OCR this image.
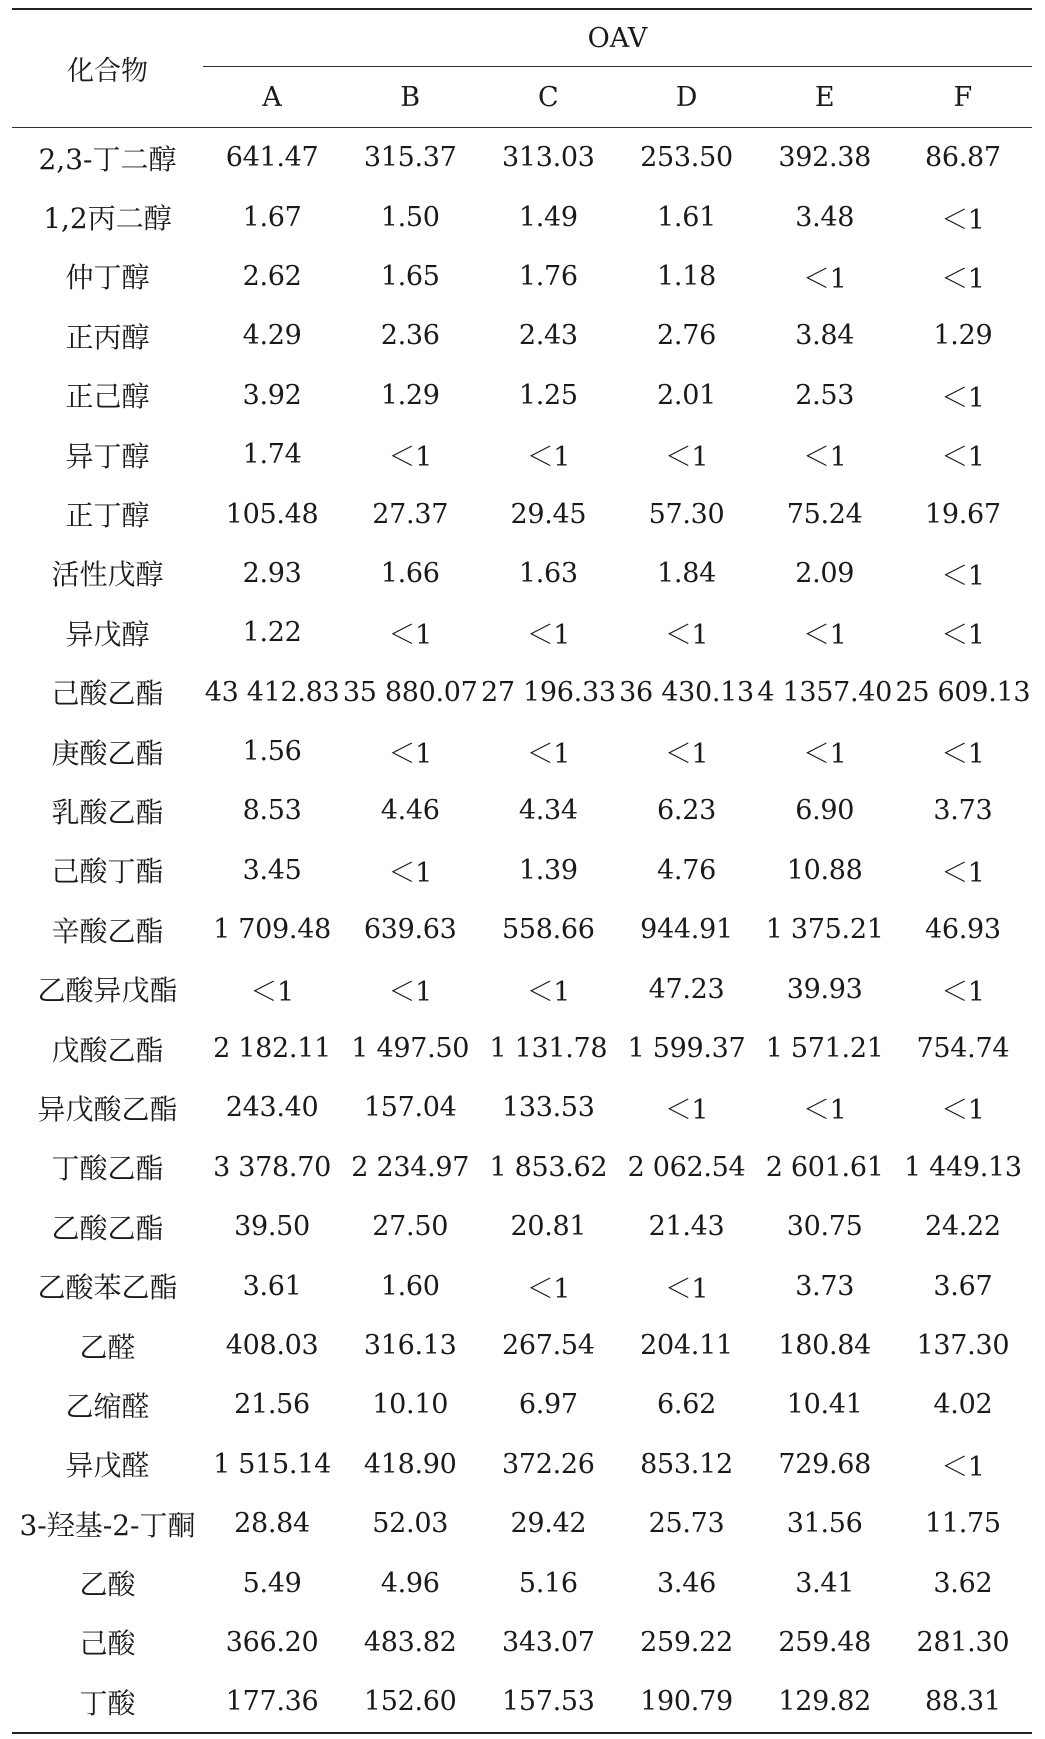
化合物	OAV					
	A	B	C	D	E	F
2,3-丁二醇	641.47	315.37	313.03	253.50	392.38	86.87
1,2丙二醇	1.67	1.50	1.49	1.61	3.48	＜1
仲丁醇	2.62	1.65	1.76	1.18	＜1	＜1
正丙醇	4.29	2.36	2.43	2.76	3.84	1.29
正己醇	3.92	1.29	1.25	2.01	2.53	＜1
异丁醇	1.74	＜1	＜1	＜1	＜1	＜1
正丁醇	105.48	27.37	29.45	57.30	75.24	19.67
活性戊醇	2.93	1.66	1.63	1.84	2.09	＜1
异戊醇	1.22	＜1	＜1	＜1	＜1	＜1
己酸乙酯	43 412.83	35 880.07	27 196.33	36 430.13	4 1357.40	25 609.13
庚酸乙酯	1.56	＜1	＜1	＜1	＜1	＜1
乳酸乙酯	8.53	4.46	4.34	6.23	6.90	3.73
己酸丁酯	3.45	＜1	1.39	4.76	10.88	＜1
辛酸乙酯	1 709.48	639.63	558.66	944.91	1 375.21	46.93
乙酸异戊酯	＜1	＜1	＜1	47.23	39.93	＜1
戊酸乙酯	2 182.11	1 497.50	1 131.78	1 599.37	1 571.21	754.74
异戊酸乙酯	243.40	157.04	133.53	＜1	＜1	＜1
丁酸乙酯	3 378.70	2 234.97	1 853.62	2 062.54	2 601.61	1 449.13
乙酸乙酯	39.50	27.50	20.81	21.43	30.75	24.22
乙酸苯乙酯	3.61	1.60	＜1	＜1	3.73	3.67
乙醛	408.03	316.13	267.54	204.11	180.84	137.30
乙缩醛	21.56	10.10	6.97	6.62	10.41	4.02
异戊醛	1 515.14	418.90	372.26	853.12	729.68	＜1
3-羟基-2-丁酮	28.84	52.03	29.42	25.73	31.56	11.75
乙酸	5.49	4.96	5.16	3.46	3.41	3.62
己酸	366.20	483.82	343.07	259.22	259.48	281.30
丁酸	177.36	152.60	157.53	190.79	129.82	88.31
